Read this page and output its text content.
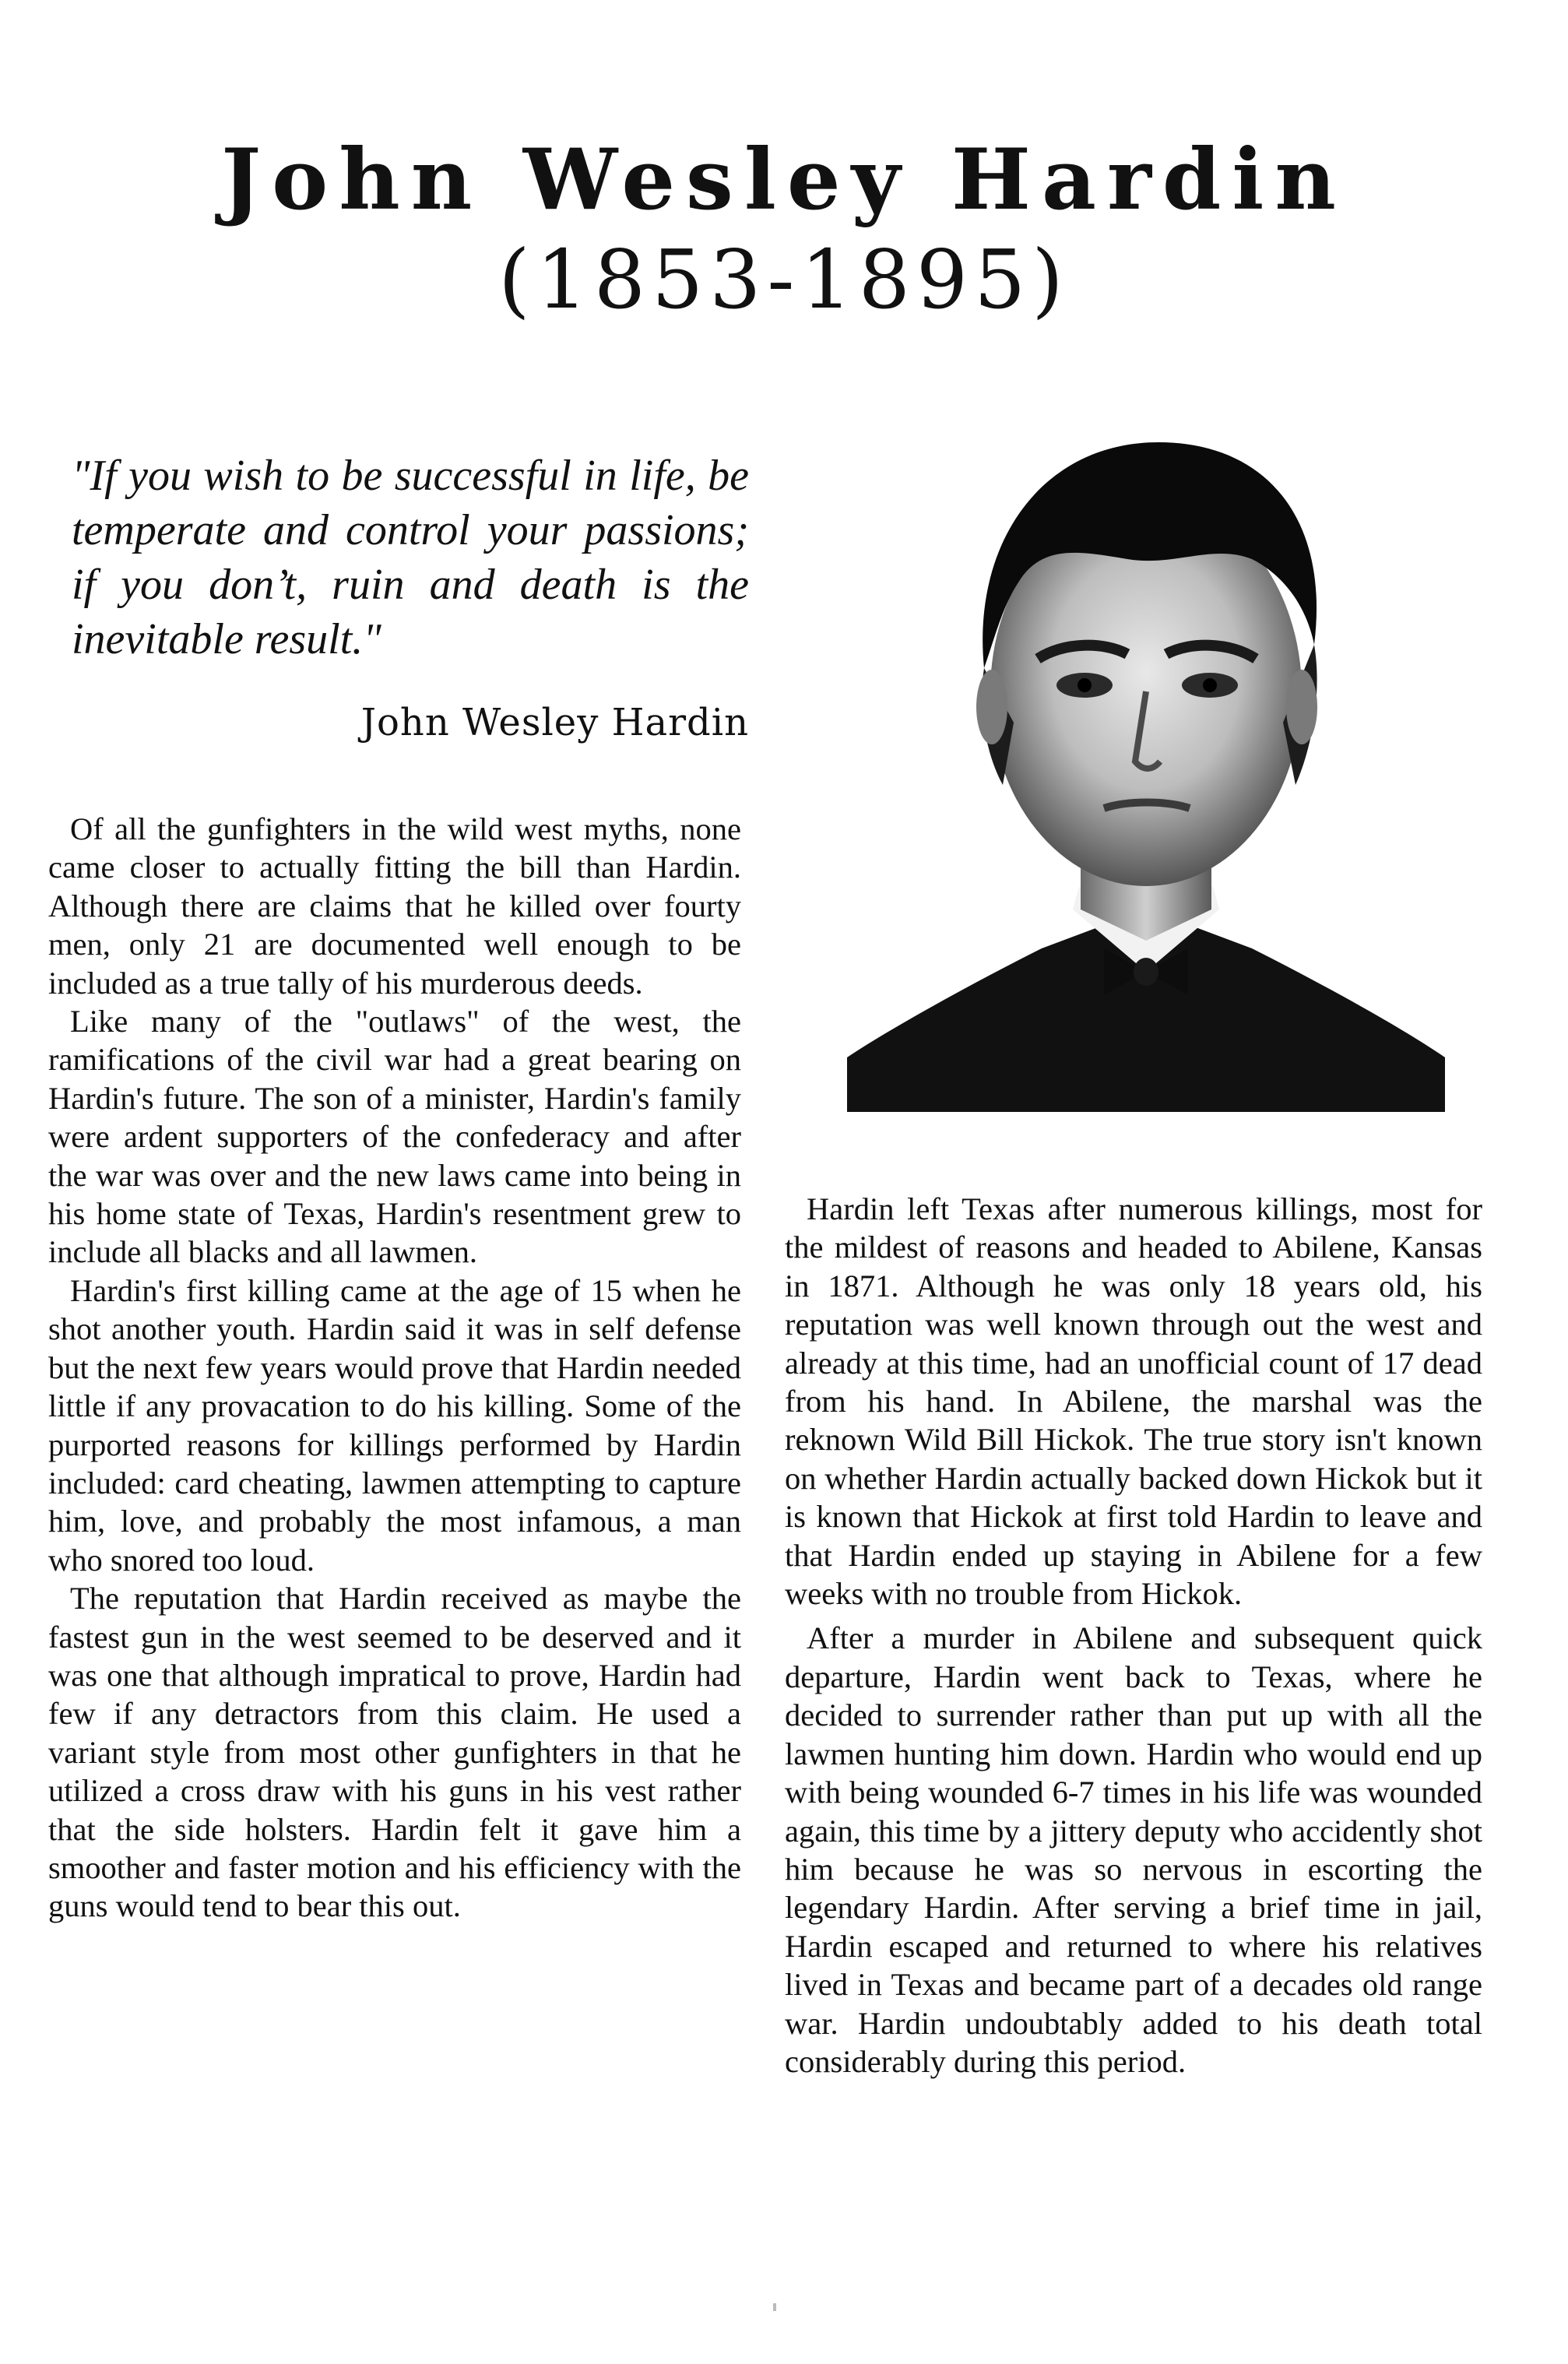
John Wesley Hardin
(1853-1895)

"If you wish to be successful in life, be temperate and control your passions; if you don’t, ruin and death is the inevitable result."

John Wesley Hardin

Of all the gunfighters in the wild west myths, none came closer to actually fitting the bill than Hardin. Although there are claims that he killed over fourty men, only 21 are documented well enough to be included as a true tally of his murderous deeds.

Like many of the "outlaws" of the west, the ramifications of the civil war had a great bearing on Hardin's future. The son of a minister, Hardin's family were ardent supporters of the confederacy and after the war was over and the new laws came into being in his home state of Texas, Hardin's resentment grew to include all blacks and all lawmen.

Hardin's first killing came at the age of 15 when he shot another youth. Hardin said it was in self defense but the next few years would prove that Hardin needed little if any provacation to do his killing. Some of the purported reasons for killings performed by Hardin included: card cheating, lawmen attempting to capture him, love, and probably the most infamous, a man who snored too loud.

The reputation that Hardin received as maybe the fastest gun in the west seemed to be deserved and it was one that although impratical to prove, Hardin had few if any detractors from this claim. He used a variant style from most other gunfighters in that he utilized a cross draw with his guns in his vest rather that the side holsters. Hardin felt it gave him a smoother and faster motion and his efficiency with the guns would tend to bear this out.

Hardin left Texas after numerous killings, most for the mildest of reasons and headed to Abilene, Kansas in 1871. Although he was only 18 years old, his reputation was well known through out the west and already at this time, had an unofficial count of 17 dead from his hand. In Abilene, the marshal was the reknown Wild Bill Hickok. The true story isn't known on whether Hardin actually backed down Hickok but it is known that Hickok at first told Hardin to leave and that Hardin ended up staying in Abilene for a few weeks with no trouble from Hickok.

After a murder in Abilene and subsequent quick departure, Hardin went back to Texas, where he decided to surrender rather than put up with all the lawmen hunting him down. Hardin who would end up with being wounded 6-7 times in his life was wounded again, this time by a jittery deputy who accidently shot him because he was so nervous in escorting the legendary Hardin. After serving a brief time in jail, Hardin escaped and returned to where his relatives lived in Texas and became part of a decades old range war. Hardin undoubtably added to his death total considerably during this period.
